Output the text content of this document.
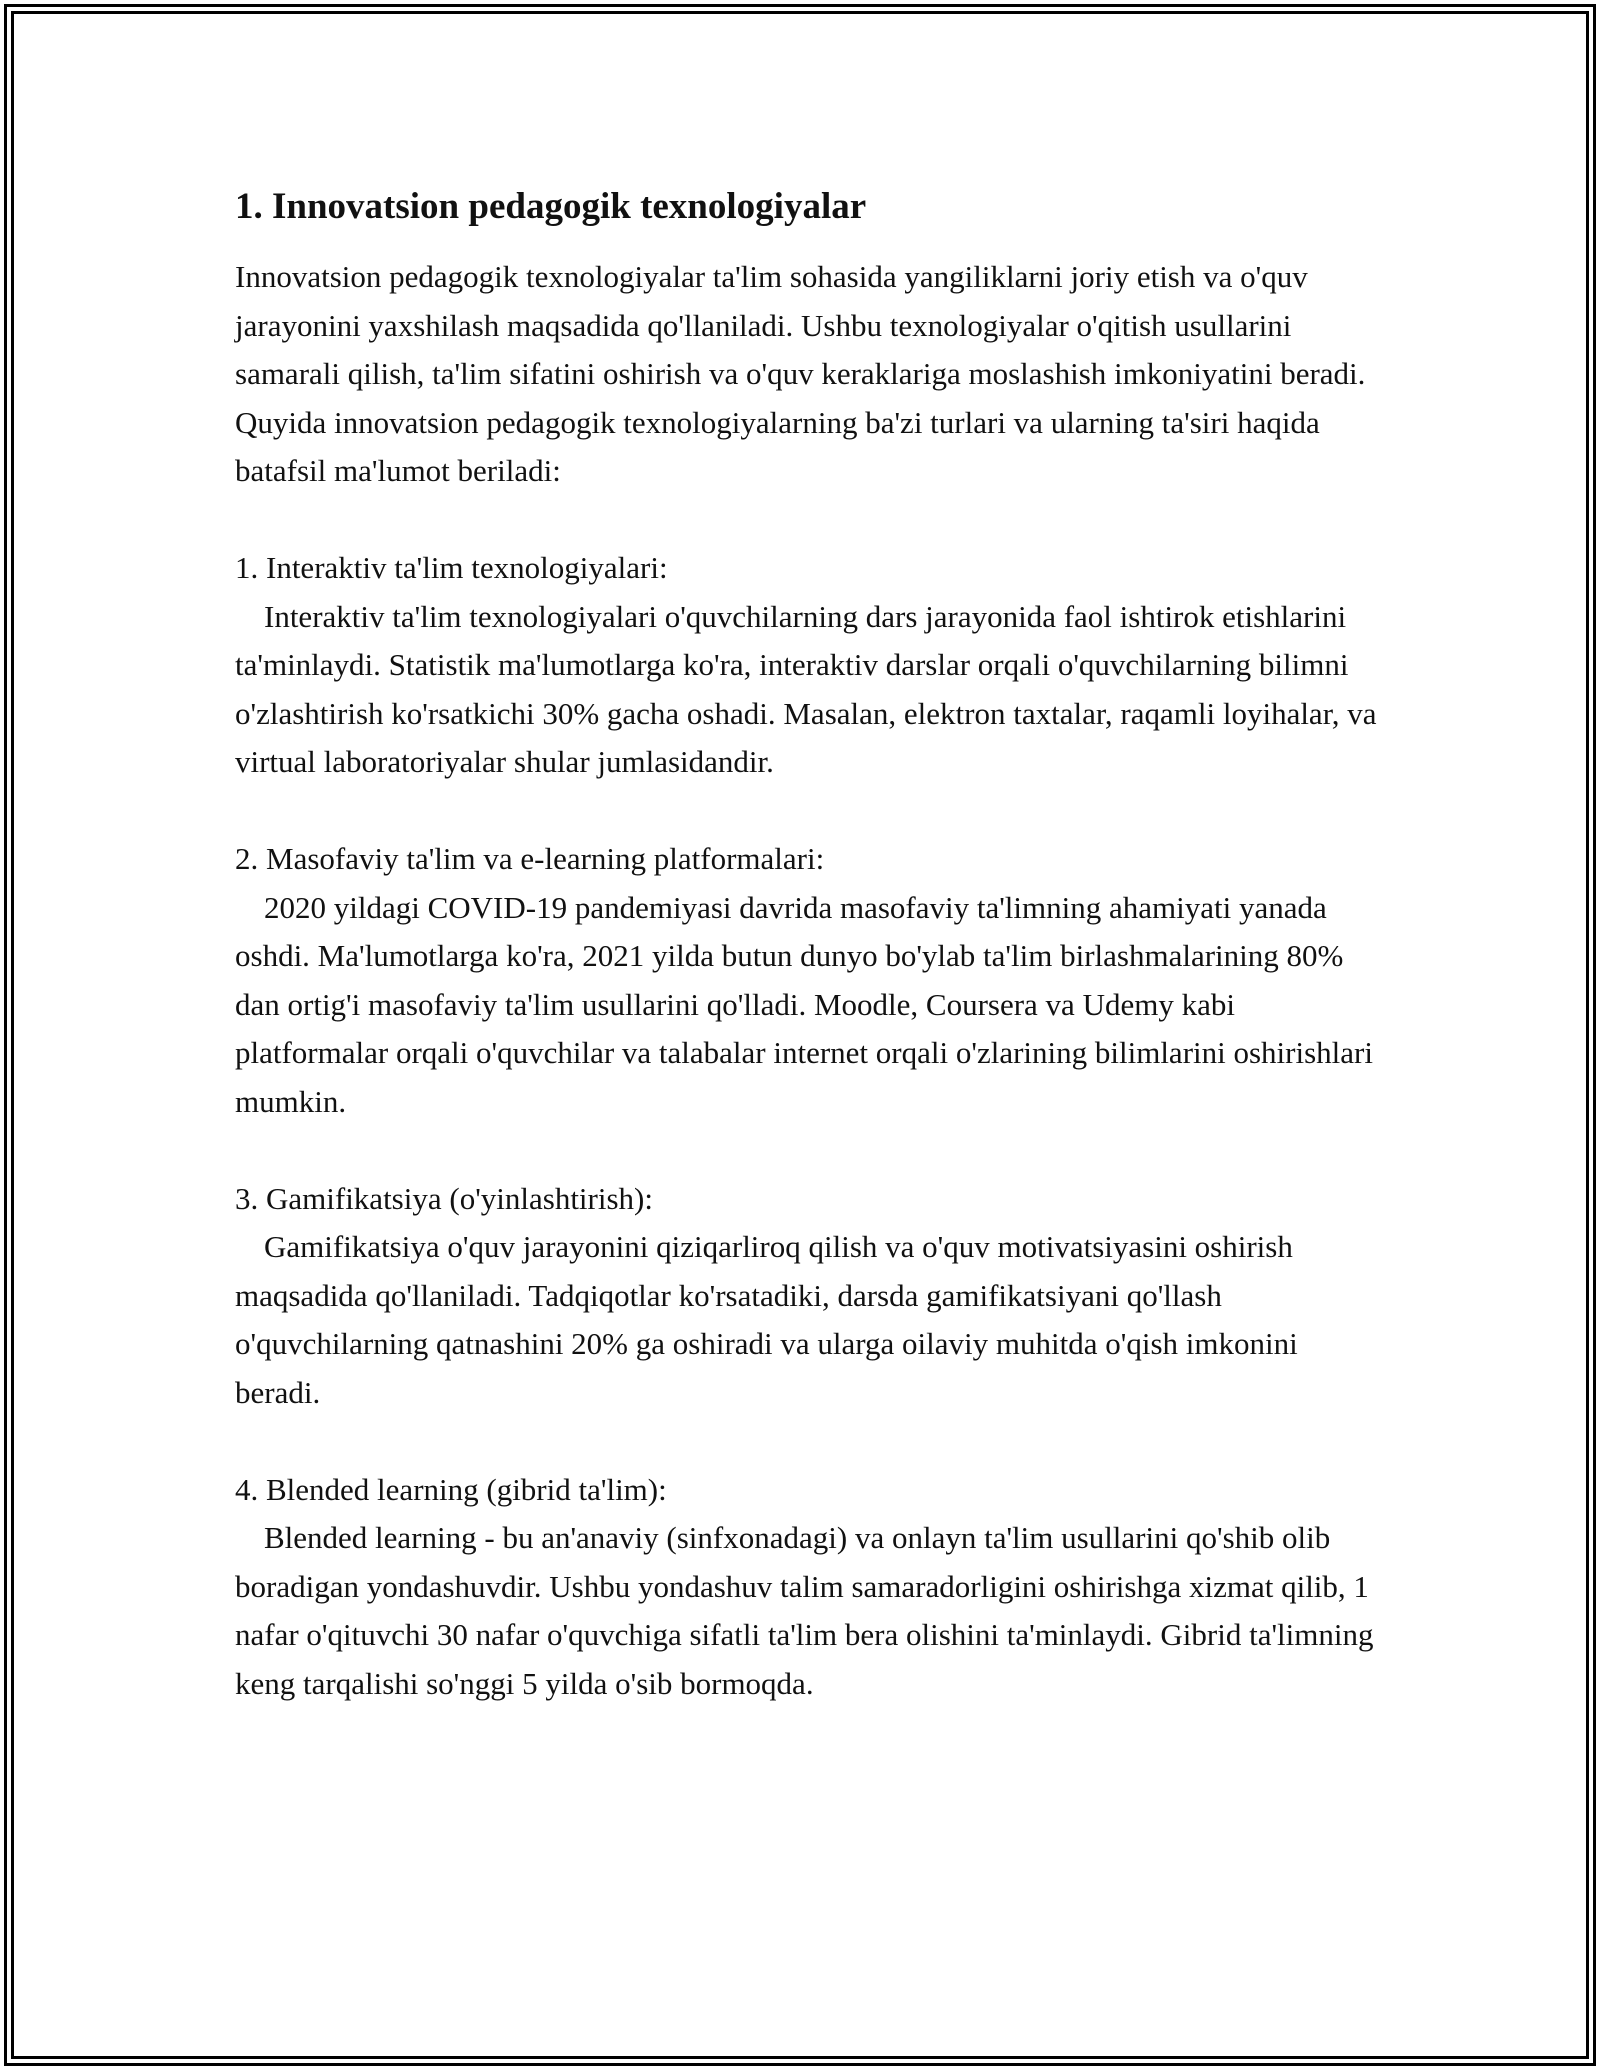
1. Innovatsion pedagogik texnologiyalar

Innovatsion pedagogik texnologiyalar ta'lim sohasida yangiliklarni joriy etish va o'quv jarayonini yaxshilash maqsadida qo'llaniladi. Ushbu texnologiyalar o'qitish usullarini samarali qilish, ta'lim sifatini oshirish va o'quv keraklariga moslashish imkoniyatini beradi. Quyida innovatsion pedagogik texnologiyalarning ba'zi turlari va ularning ta'siri haqida batafsil ma'lumot beriladi:

1. Interaktiv ta'lim texnologiyalari:

Interaktiv ta'lim texnologiyalari o'quvchilarning dars jarayonida faol ishtirok etishlarini ta'minlaydi. Statistik ma'lumotlarga ko'ra, interaktiv darslar orqali o'quvchilarning bilimni o'zlashtirish ko'rsatkichi 30% gacha oshadi. Masalan, elektron taxtalar, raqamli loyihalar, va virtual laboratoriyalar shular jumlasidandir.

2. Masofaviy ta'lim va e-learning platformalari:

2020 yildagi COVID-19 pandemiyasi davrida masofaviy ta'limning ahamiyati yanada oshdi. Ma'lumotlarga ko'ra, 2021 yilda butun dunyo bo'ylab ta'lim birlashmalarining 80% dan ortig'i masofaviy ta'lim usullarini qo'lladi. Moodle, Coursera va Udemy kabi platformalar orqali o'quvchilar va talabalar internet orqali o'zlarining bilimlarini oshirishlari mumkin.

3. Gamifikatsiya (o'yinlashtirish):

Gamifikatsiya o'quv jarayonini qiziqarliroq qilish va o'quv motivatsiyasini oshirish maqsadida qo'llaniladi. Tadqiqotlar ko'rsatadiki, darsda gamifikatsiyani qo'llash o'quvchilarning qatnashini 20% ga oshiradi va ularga oilaviy muhitda o'qish imkonini beradi.

4. Blended learning (gibrid ta'lim):

Blended learning - bu an'anaviy (sinfxonadagi) va onlayn ta'lim usullarini qo'shib olib boradigan yondashuvdir. Ushbu yondashuv talim samaradorligini oshirishga xizmat qilib, 1 nafar o'qituvchi 30 nafar o'quvchiga sifatli ta'lim bera olishini ta'minlaydi. Gibrid ta'limning keng tarqalishi so'nggi 5 yilda o'sib bormoqda.
